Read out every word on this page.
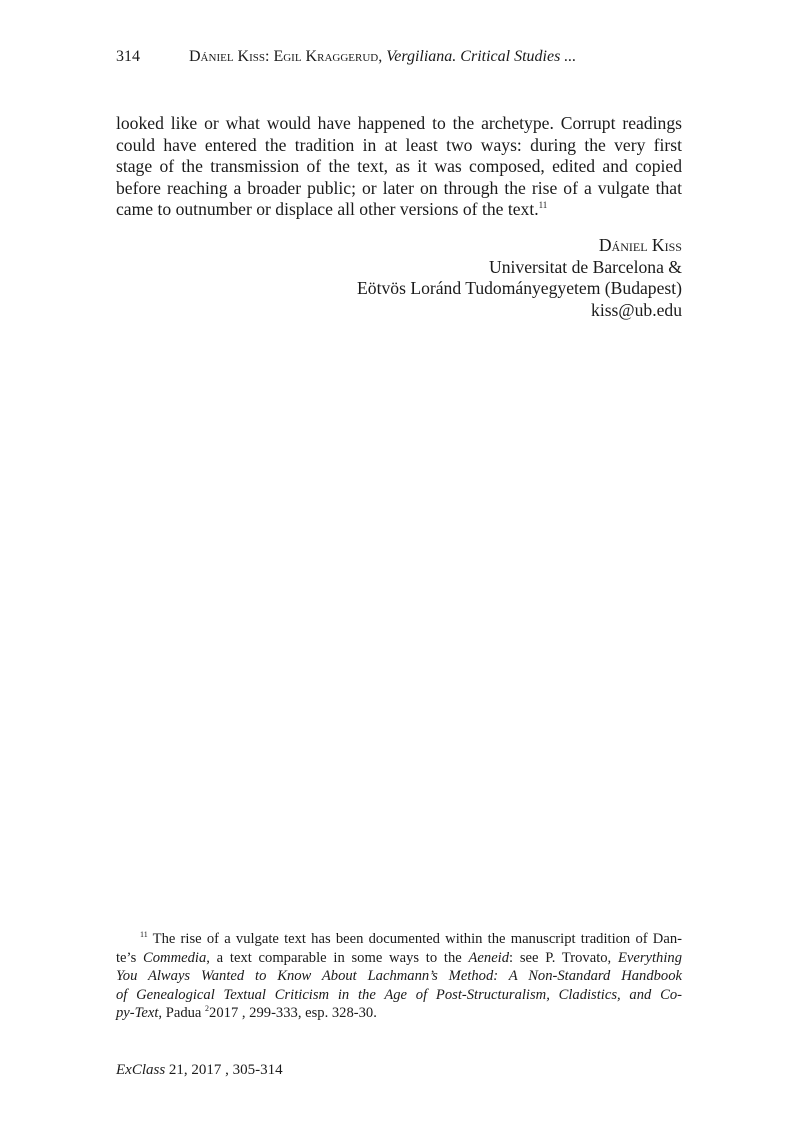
314	Dániel Kiss: Egil Kraggerud, Vergiliana. Critical Studies ...
looked like or what would have happened to the archetype. Corrupt readings
could have entered the tradition in at least two ways: during the very first
stage of the transmission of the text, as it was composed, edited and copied
before reaching a broader public; or later on through the rise of a vulgate that
came to outnumber or displace all other versions of the text.$^{11}$
Dániel Kiss
Universitat de Barcelona &
Eötvös Loránd Tudományegyetem (Budapest)
kiss@ub.edu
$^{11}$ The rise of a vulgate text has been documented within the manuscript tradition of Dan-
te’s Commedia, a text comparable in some ways to the Aeneid: see P. Trovato, Everything
You Always Wanted to Know About Lachmann’s Method: A Non-Standard Handbook
of Genealogical Textual Criticism in the Age of Post-Structuralism, Cladistics, and Co-
py-Text, Padua $^2$2017 , 299-333, esp. 328-30.
ExClass 21, 2017 , 305-314
